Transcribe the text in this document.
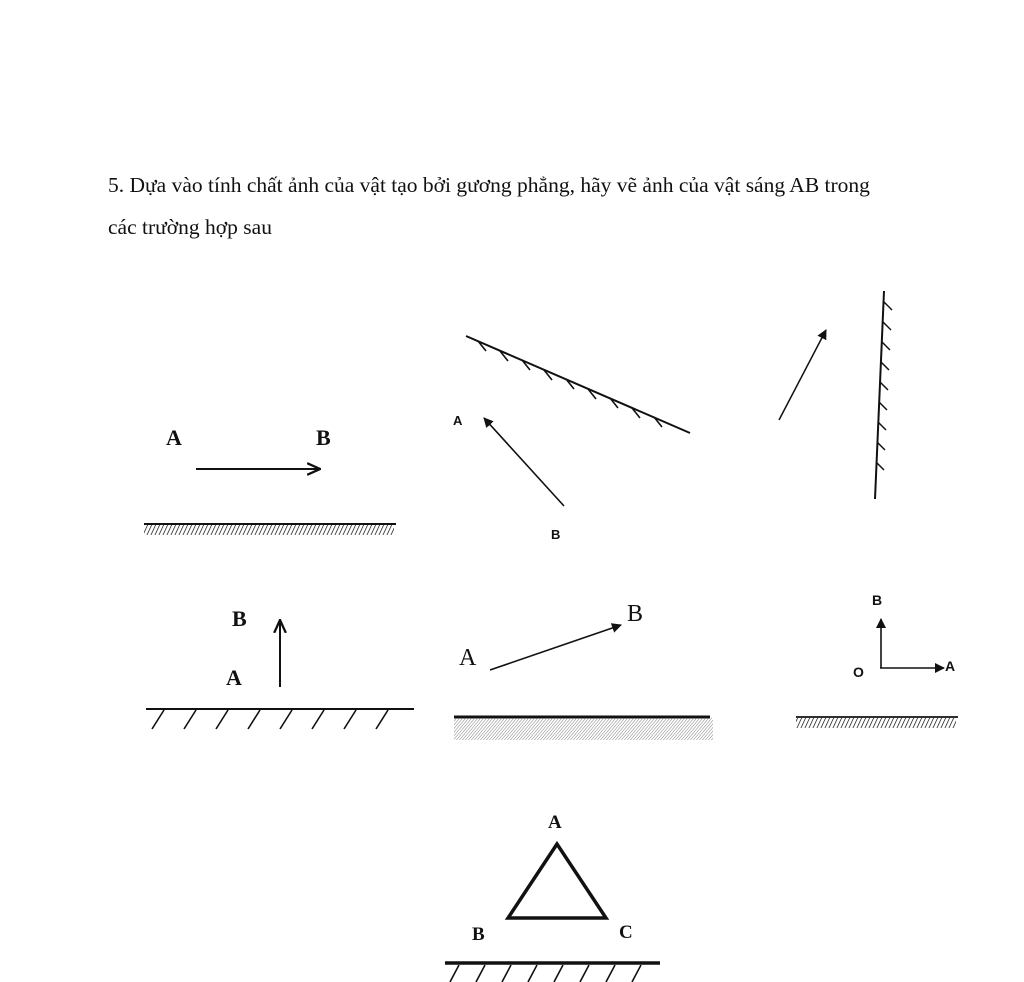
5. Dựa vào tính chất ảnh của vật tạo bởi gương phẳng, hãy vẽ ảnh của vật sáng AB trong
các trường hợp sau
A	B
A
B
B
A
B
A
B
O	A
A
B	C
